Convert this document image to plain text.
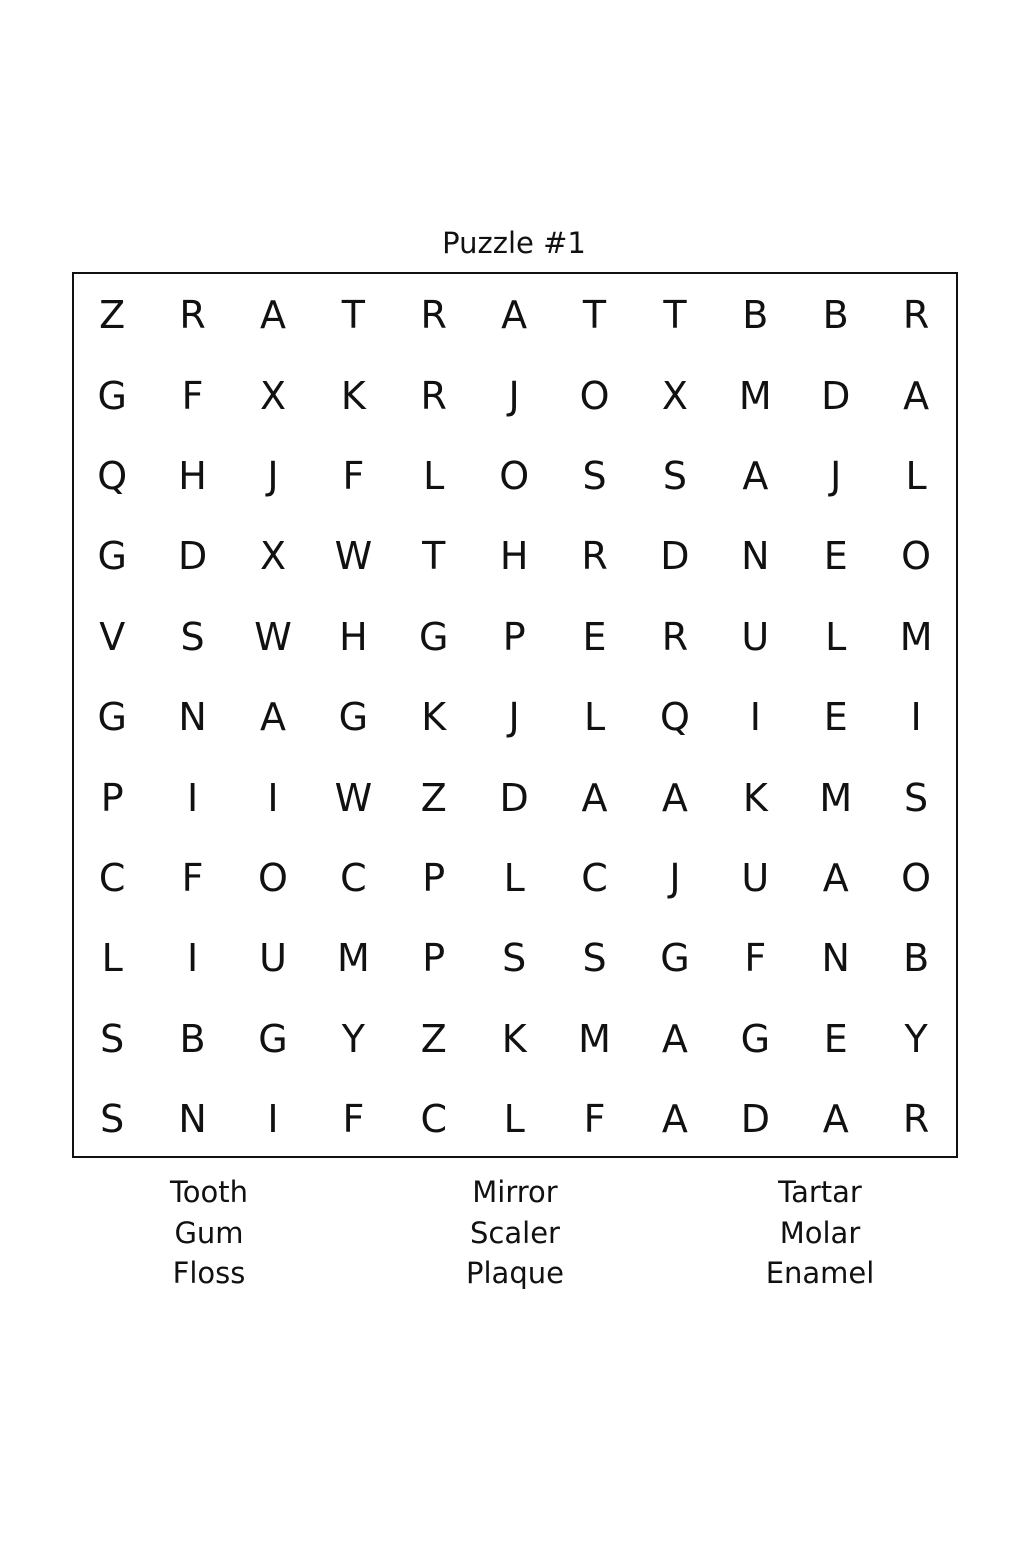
Puzzle #1
Z	R	A	T	R	A	T	T	B	B	R
G	F	X	K	R	J	O	X	M	D	A
Q	H	J	F	L	O	S	S	A	J	L
G	D	X	W	T	H	R	D	N	E	O
V	S	W	H	G	P	E	R	U	L	M
G	N	A	G	K	J	L	Q	I	E	I
P	I	I	W	Z	D	A	A	K	M	S
C	F	O	C	P	L	C	J	U	A	O
L	I	U	M	P	S	S	G	F	N	B
S	B	G	Y	Z	K	M	A	G	E	Y
S	N	I	F	C	L	F	A	D	A	R
Tooth
Gum
Floss
Mirror
Scaler
Plaque
Tartar
Molar
Enamel
